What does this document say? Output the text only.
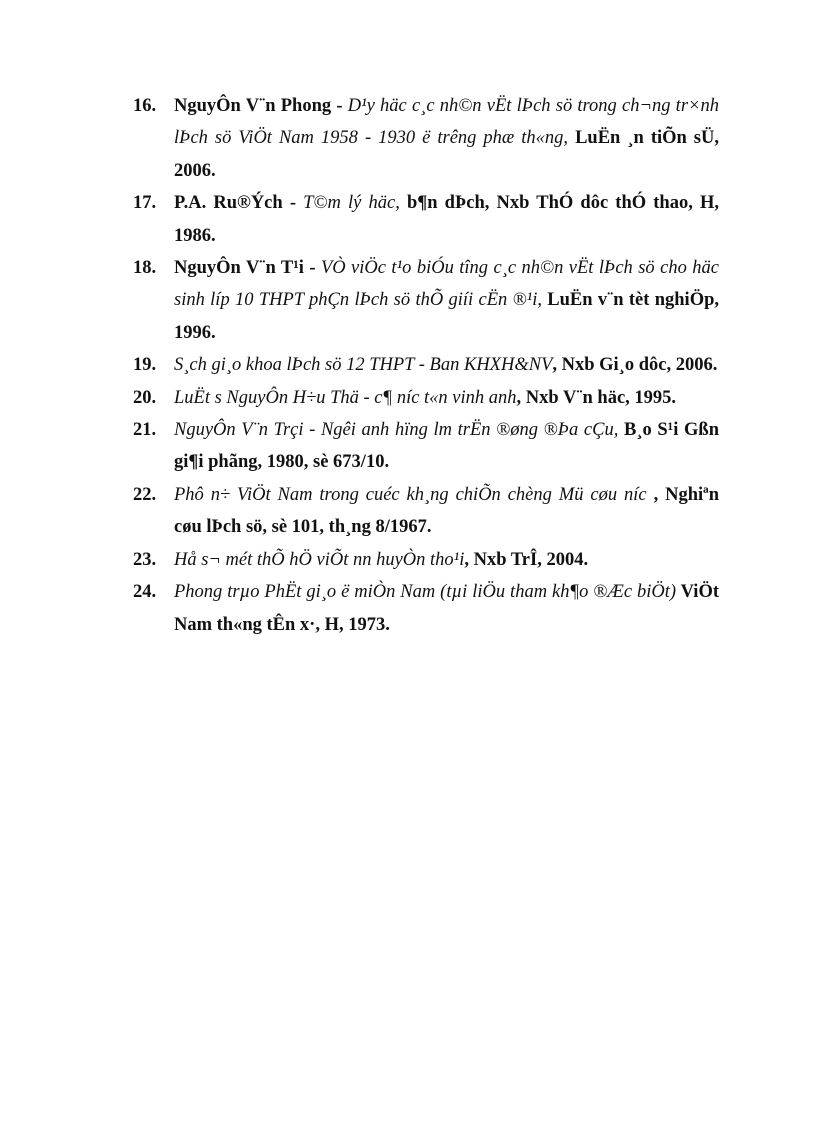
16. NguyÔn V¨n Phong - D¹y häc c¸c nh©n vËt lÞch sö trong ch¬ng tr×nh lÞch sö ViÖt Nam 1958 - 1930 ë trêng phæ th«ng, LuËn ¸n tiÕn sÜ, 2006.
17. P.A. Ru®Ých - T©m lý häc, b¶n dÞch, Nxb ThÓ dôc thÓ thao, H, 1986.
18. NguyÔn V¨n T¹i - VÒ viÖc t¹o biÓu tîng c¸c nh©n vËt lÞch sö cho häc sinh líp 10 THPT phÇn lÞch sö thÕ giíi cËn ®¹i, LuËn v¨n tèt nghiÖp, 1996.
19. S¸ch gi¸o khoa lÞch sö 12 THPT - Ban KHXH&NV, Nxb Gi¸o dôc, 2006.
20. LuËt s NguyÔn H÷u Thä - c¶ níc t«n vinh anh, Nxb V¨n häc, 1995.
21. NguyÔn V¨n Trçi - Ngêi anh hïng lm trËn ®øng ®Þa cÇu, B¸o S¹i Gßn gi¶i phãng, 1980, sè 673/10.
22. Phô n÷ ViÖt Nam trong cuéc kh¸ng chiÕn chèng Mü cøu níc , Nghiªn cøu lÞch sö, sè 101, th¸ng 8/1967.
23. Hå s¬ mét thÕ hÖ viÕt nn huyÒn tho¹i, Nxb TrÎ, 2004.
24. Phong trµo PhËt gi¸o ë miÒn Nam (tµi liÖu tham kh¶o ®Æc biÖt) ViÖt Nam th«ng tÊn x·, H, 1973.
